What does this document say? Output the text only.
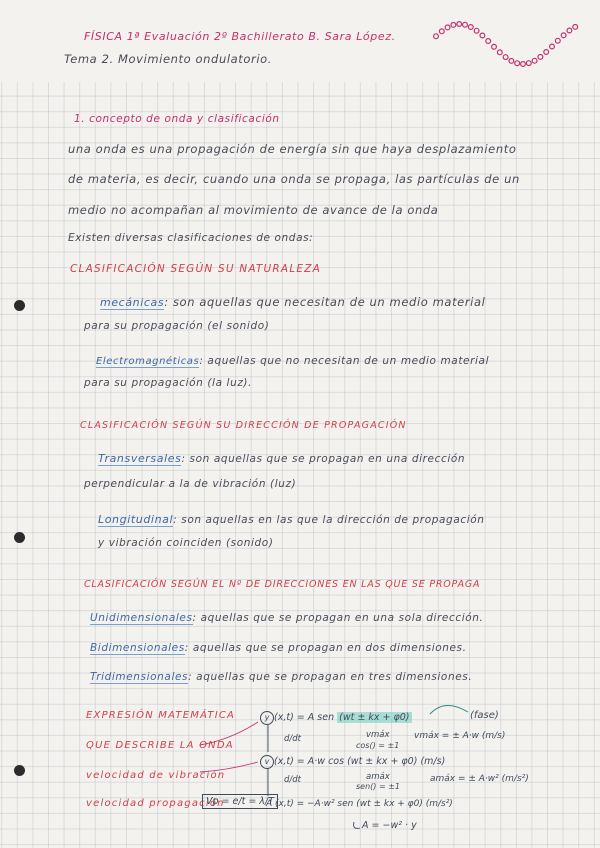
FÍSICA 1ª Evaluación 2º Bachillerato B. Sara López.
Tema 2. Movimiento ondulatorio.
1. concepto de onda y clasificación
una onda es una propagación de energía sin que haya desplazamiento
de materia, es decir, cuando una onda se propaga, las partículas de un
medio no acompañan al movimiento de avance de la onda
Existen diversas clasificaciones de ondas:
CLASIFICACIÓN SEGÚN SU NATURALEZA
mecánicas: son aquellas que necesitan de un medio material
para su propagación (el sonido)
Electromagnéticas: aquellas que no necesitan de un medio material
para su propagación (la luz).
CLASIFICACIÓN SEGÚN SU DIRECCIÓN DE PROPAGACIÓN
Transversales: son aquellas que se propagan en una dirección
perpendicular a la de vibración (luz)
Longitudinal: son aquellas en las que la dirección de propagación
y vibración coinciden (sonido)
CLASIFICACIÓN SEGÚN EL Nº DE DIRECCIONES EN LAS QUE SE PROPAGA
Unidimensionales: aquellas que se propagan en una sola dirección.
Bidimensionales: aquellas que se propagan en dos dimensiones.
Tridimensionales: aquellas que se propagan en tres dimensiones.
EXPRESIÓN MATEMÁTICA
QUE DESCRIBE LA ONDA
velocidad de vibración
velocidad propagación
y (x,t) = A sen (wt ± kx + φ0)	(fase)
d/dt	vmáx
cos() = ±1
vmáx = ± A·w (m/s)
v (x,t) = A·w cos (wt ± kx + φ0) (m/s)
d/dt	amáx
sen() = ±1
amáx = ± A·w² (m/s²)
Vp = e/t = λ/T
A (x,t) = −A·w² sen (wt ± kx + φ0) (m/s²)
A = −w² · y
